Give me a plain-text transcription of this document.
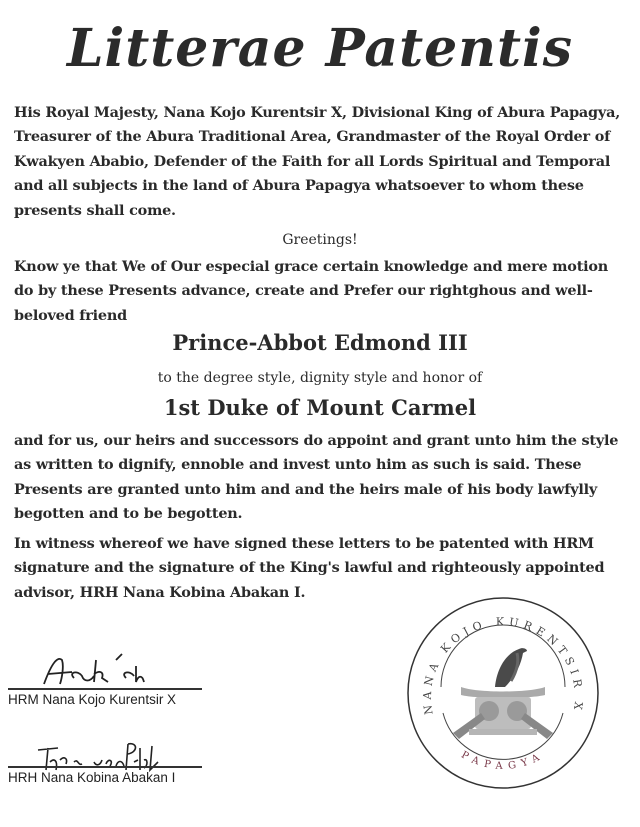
Litterae Patentis
His Royal Majesty, Nana Kojo Kurentsir X, Divisional King of Abura Papagya, Treasurer of the Abura Traditional Area, Grandmaster of the Royal Order of Kwakyen Ababio, Defender of the Faith for all Lords Spiritual and Temporal and all subjects in the land of Abura Papagya whatsoever to whom these presents shall come.
Greetings!
Know ye that We of Our especial grace certain knowledge and mere motion do by these Presents advance, create and Prefer our rightghous and well-beloved friend
Prince-Abbot Edmond III
to the degree style, dignity style and honor of
1st Duke of Mount Carmel
and for us, our heirs and successors do appoint and grant unto him the style as written to dignify, ennoble and invest unto him as such is said. These Presents are granted unto him and and the heirs male of his body lawfylly begotten and to be begotten.
In witness whereof we have signed these letters to be patented with HRM signature and the signature of the King's lawful and righteously appointed advisor, HRH Nana Kobina Abakan I.
HRM Nana Kojo Kurentsir X
HRH Nana Kobina Abakan I
NANA KOJO KURENTSIR X
PAPAGYA
